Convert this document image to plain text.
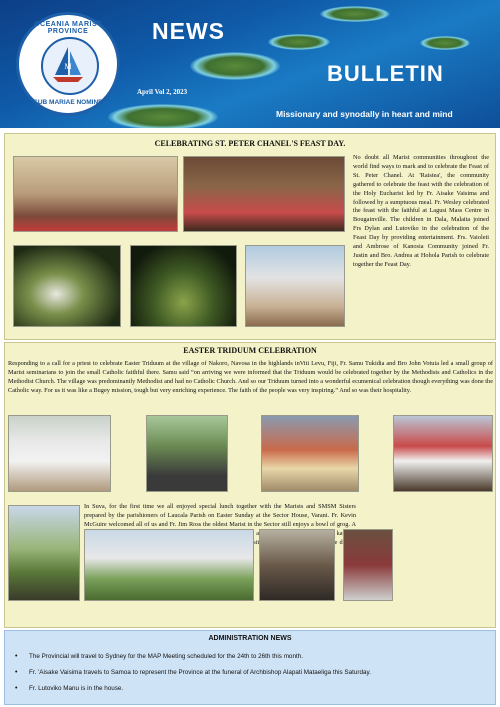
OCEANIA MARIST PROVINCE
M
SUB MARIAE NOMINE
NEWS
BULLETIN
April Vol 2, 2023
Missionary and synodally in heart and mind
CELEBRATING ST. PETER CHANEL'S FEAST DAY.
No doubt all Marist communities throughout the world find ways to mark and to celebrate the Feast of St. Peter Chanel. At 'Raistea', the community gathered to celebrate the feast with the celebration of the Holy Eucharist led by Fr. Aisake Vaisima and followed by a sumptuous meal. Fr. Wesley celebrated the feast with the faithful at Lagusi Mass Centre in Bougainville. The children in Dala, Malaita joined Frs Dylan and Lutoviko in the celebration of the Feast Day by providing entertainment. Frs. Vaioleti and Ambrose of Kanosia Community joined Fr. Justin and Bro. Andrea at Hohola Parish to celebrate together the Feast Day.
EASTER TRIDUUM CELEBRATION
Responding to a call for a priest to celebrate Easter Triduum at the village of Nakoro, Navosa in the highlands inViti Levu, Fiji, Fr. Samu Tukidia and Bro John Votuia led a small group of Marist seminarians to join the small Catholic faithful there. Samu said “on arriving we were informed that the Triduum would be celebrated together by the Methodists and Catholics in the Methodist Church. The village was predominantly Methodist and had no Catholic Church. And so our Triduum turned into a wonderful ecumenical celebration though everything was done the Catholic way. For us it was like a Bugey mission, tough but very enriching experience. The faith of the people was very inspiring.” And so was their hospitality.
In Suva, for the first time we all enjoyed special lunch together with the Marists and SMSM Sisters prepared by the parishioners of Laucala Parish on Easter Sunday at the Sector House, Varani. Fr. Kevin McGuire welcomed all of us and Fr. Jim Ross the oldest Marist in the Sector still enjoys a bowl of grog. A visiting
ADMINISTRATION NEWS
• The Provincial will travel to Sydney for the MAP Meeting scheduled for the 24th to 26th this month.
• Fr. 'Aisake Vaisima travels to Samoa to represent the Province at the funeral of Archbishop Alapati Mataeliga this Saturday.
• Fr. Lutoviko Manu is in the house.
